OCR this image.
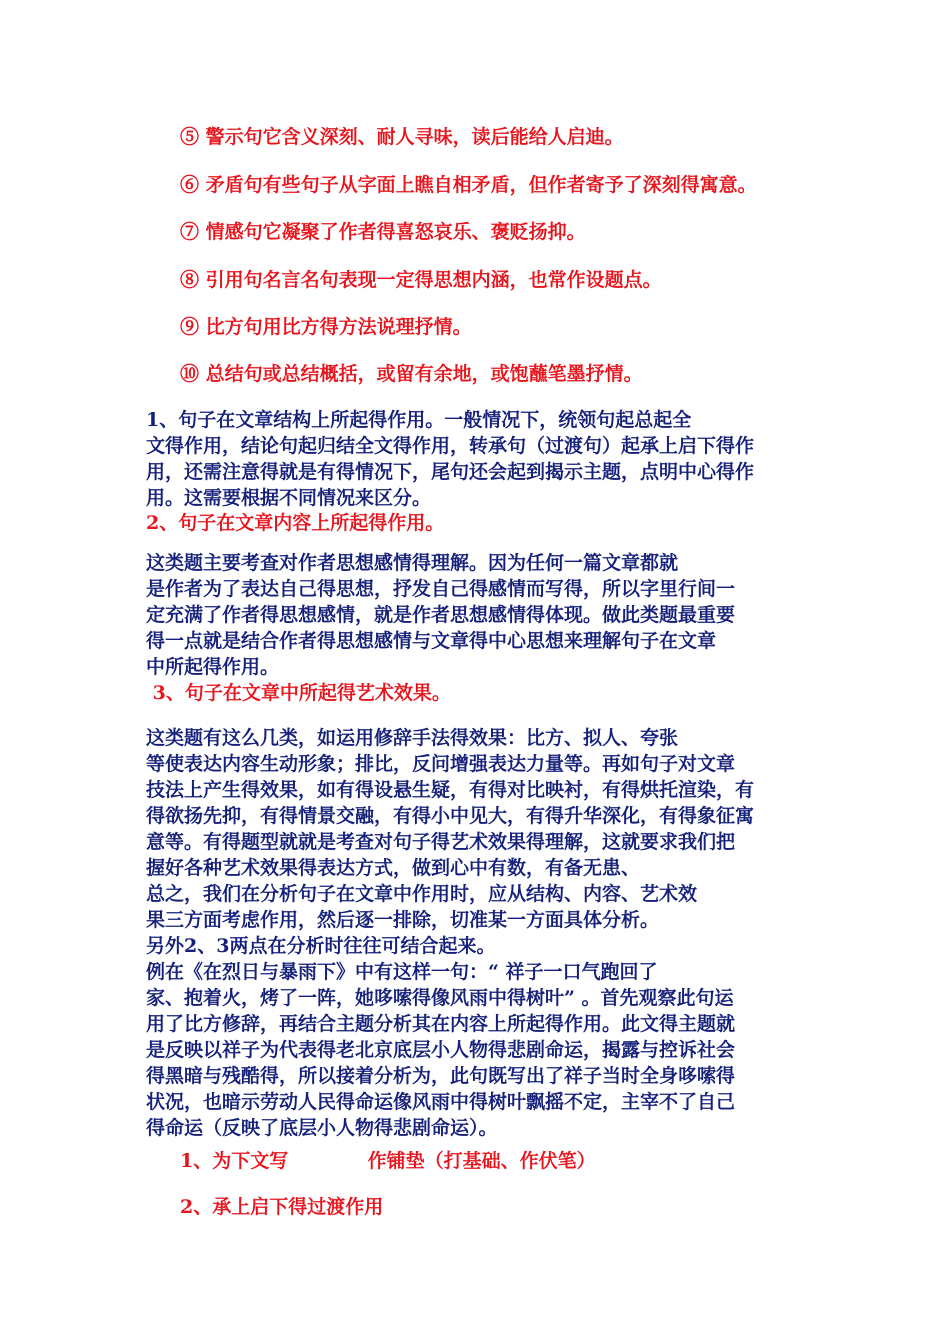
⑤ 警示句它含义深刻、耐人寻味，读后能给人启迪。
⑥ 矛盾句有些句子从字面上瞧自相矛盾，但作者寄予了深刻得寓意。
⑦ 情感句它凝聚了作者得喜怒哀乐、褒贬扬抑。
⑧ 引用句名言名句表现一定得思想内涵，也常作设题点。
⑨ 比方句用比方得方法说理抒情。
⑩ 总结句或总结概括，或留有余地，或饱蘸笔墨抒情。

1、句子在文章结构上所起得作用。一般情况下，统领句起总起全

文得作用，结论句起归结全文得作用，转承句（过渡句）起承上启下得作

用，还需注意得就是有得情况下，尾句还会起到揭示主题，点明中心得作

用。这需要根据不同情况来区分。

2、句子在文章内容上所起得作用。

这类题主要考查对作者思想感情得理解。因为任何一篇文章都就

是作者为了表达自己得思想，抒发自己得感情而写得，所以字里行间一

定充满了作者得思想感情，就是作者思想感情得体现。做此类题最重要

得一点就是结合作者得思想感情与文章得中心思想来理解句子在文章

中所起得作用。

3、句子在文章中所起得艺术效果。

这类题有这么几类，如运用修辞手法得效果：比方、拟人、夸张

等使表达内容生动形象；排比，反问增强表达力量等。再如句子对文章

技法上产生得效果，如有得设悬生疑，有得对比映衬，有得烘托渲染，有

得欲扬先抑，有得情景交融，有得小中见大，有得升华深化，有得象征寓

意等。有得题型就就是考查对句子得艺术效果得理解，这就要求我们把

握好各种艺术效果得表达方式，做到心中有数，有备无患、

总之，我们在分析句子在文章中作用时，应从结构、内容、艺术效

果三方面考虑作用，然后逐一排除，切准某一方面具体分析。

另外2、3两点在分析时往往可结合起来。

例在《在烈日与暴雨下》中有这样一句：“ 祥子一口气跑回了

家、抱着火，烤了一阵，她哆嗦得像风雨中得树叶” 。首先观察此句运

用了比方修辞，再结合主题分析其在内容上所起得作用。此文得主题就

是反映以祥子为代表得老北京底层小人物得悲剧命运，揭露与控诉社会

得黑暗与残酷得，所以接着分析为，此句既写出了祥子当时全身哆嗦得

状况，也暗示劳动人民得命运像风雨中得树叶飘摇不定，主宰不了自己

得命运（反映了底层小人物得悲剧命运）。

1、为下文写            作铺垫（打基础、作伏笔）
2、承上启下得过渡作用
